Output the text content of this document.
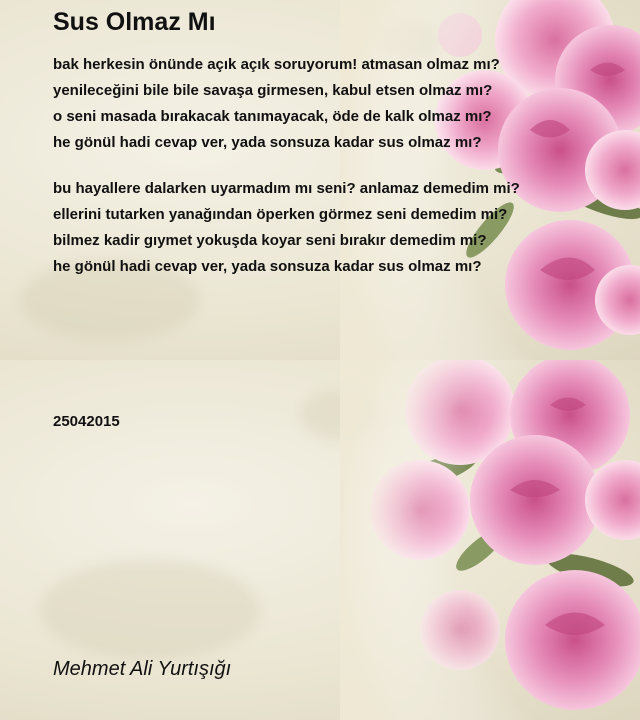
Sus Olmaz Mı
bak herkesin önünde açık açık soruyorum! atmasan olmaz mı?
yenileceğini bile bile savaşa girmesen, kabul etsen olmaz mı?
o seni masada bırakacak tanımayacak, öde de kalk olmaz mı?
he gönül hadi cevap ver, yada sonsuza kadar sus olmaz mı?
bu hayallere dalarken uyarmadım mı seni? anlamaz demedim mi?
ellerini tutarken yanağından öperken görmez seni demedim mi?
bilmez kadir gıymet yokuşda koyar seni bırakır demedim mi?
he gönül hadi cevap ver, yada sonsuza kadar sus olmaz mı?
25042015
Mehmet Ali Yurtışığı
